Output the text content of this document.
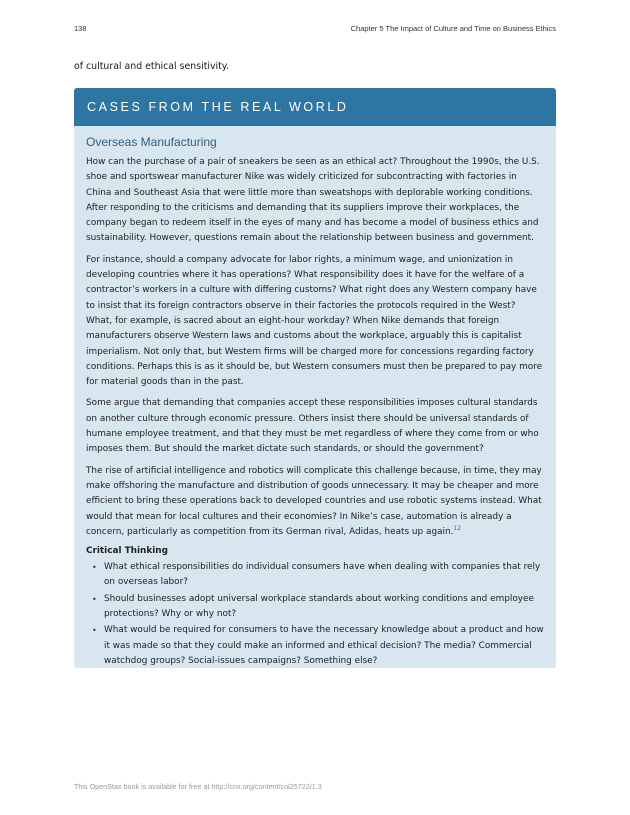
138	Chapter 5 The Impact of Culture and Time on Business Ethics
of cultural and ethical sensitivity.
CASES FROM THE REAL WORLD
Overseas Manufacturing

How can the purchase of a pair of sneakers be seen as an ethical act? Throughout the 1990s, the U.S. shoe and sportswear manufacturer Nike was widely criticized for subcontracting with factories in China and Southeast Asia that were little more than sweatshops with deplorable working conditions. After responding to the criticisms and demanding that its suppliers improve their workplaces, the company began to redeem itself in the eyes of many and has become a model of business ethics and sustainability. However, questions remain about the relationship between business and government.

For instance, should a company advocate for labor rights, a minimum wage, and unionization in developing countries where it has operations? What responsibility does it have for the welfare of a contractor’s workers in a culture with differing customs? What right does any Western company have to insist that its foreign contractors observe in their factories the protocols required in the West? What, for example, is sacred about an eight-hour workday? When Nike demands that foreign manufacturers observe Western laws and customs about the workplace, arguably this is capitalist imperialism. Not only that, but Western firms will be charged more for concessions regarding factory conditions. Perhaps this is as it should be, but Western consumers must then be prepared to pay more for material goods than in the past.

Some argue that demanding that companies accept these responsibilities imposes cultural standards on another culture through economic pressure. Others insist there should be universal standards of humane employee treatment, and that they must be met regardless of where they come from or who imposes them. But should the market dictate such standards, or should the government?

The rise of artificial intelligence and robotics will complicate this challenge because, in time, they may make offshoring the manufacture and distribution of goods unnecessary. It may be cheaper and more efficient to bring these operations back to developed countries and use robotic systems instead. What would that mean for local cultures and their economies? In Nike’s case, automation is already a concern, particularly as competition from its German rival, Adidas, heats up again.$^{12}$

Critical Thinking
• What ethical responsibilities do individual consumers have when dealing with companies that rely on overseas labor?
• Should businesses adopt universal workplace standards about working conditions and employee protections? Why or why not?
• What would be required for consumers to have the necessary knowledge about a product and how it was made so that they could make an informed and ethical decision? The media? Commercial watchdog groups? Social-issues campaigns? Something else?
This OpenStax book is available for free at http://cnx.org/content/col25722/1.3
